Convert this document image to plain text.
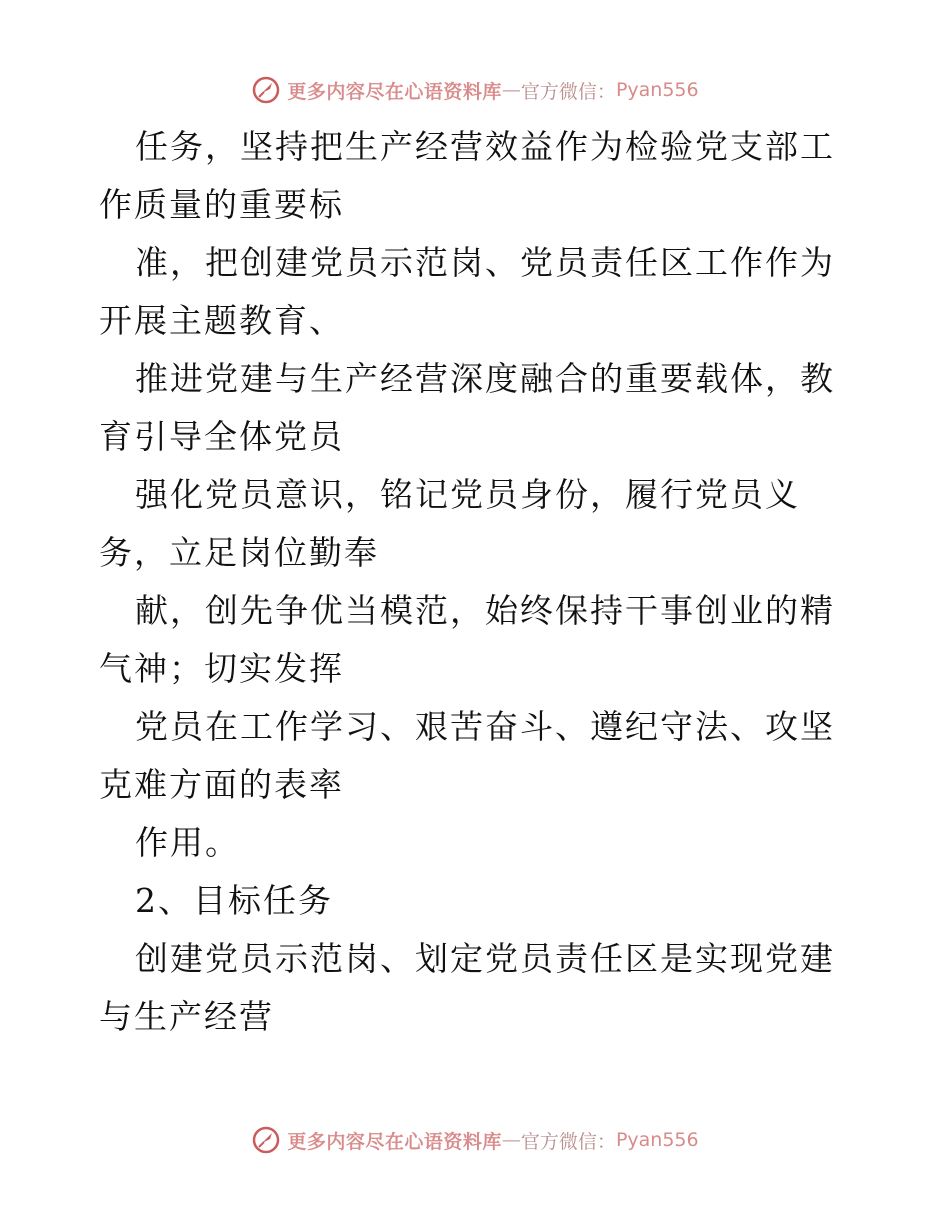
更多内容尽在心语资料库 — 官方微信： Pyan556

任务，坚持把生产经营效益作为检验党支部工作质量的重要标

准，把创建党员示范岗、党员责任区工作作为开展主题教育、

推进党建与生产经营深度融合的重要载体，教育引导全体党员

强化党员意识，铭记党员身份，履行党员义务，立足岗位勤奉

献，创先争优当模范，始终保持干事创业的精气神；切实发挥

党员在工作学习、艰苦奋斗、遵纪守法、攻坚克难方面的表率

作用。

2、目标任务

创建党员示范岗、划定党员责任区是实现党建与生产经营

更多内容尽在心语资料库 — 官方微信： Pyan556
